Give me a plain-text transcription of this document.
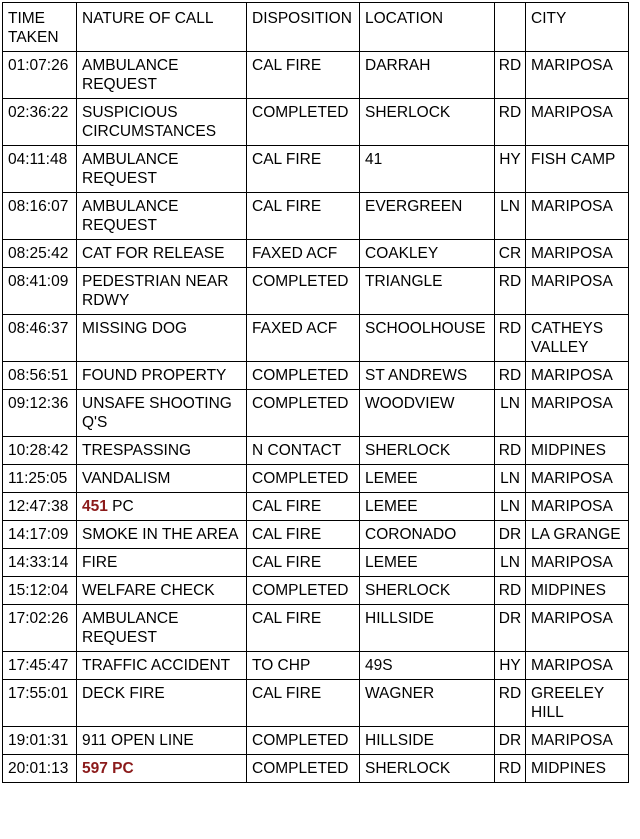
TIME TAKEN	NATURE OF CALL	DISPOSITION	LOCATION		CITY
01:07:26	AMBULANCE REQUEST	CAL FIRE	DARRAH	RD	MARIPOSA
02:36:22	SUSPICIOUS CIRCUMSTANCES	COMPLETED	SHERLOCK	RD	MARIPOSA
04:11:48	AMBULANCE REQUEST	CAL FIRE	41	HY	FISH CAMP
08:16:07	AMBULANCE REQUEST	CAL FIRE	EVERGREEN	LN	MARIPOSA
08:25:42	CAT FOR RELEASE	FAXED ACF	COAKLEY	CR	MARIPOSA
08:41:09	PEDESTRIAN NEAR RDWY	COMPLETED	TRIANGLE	RD	MARIPOSA
08:46:37	MISSING DOG	FAXED ACF	SCHOOLHOUSE	RD	CATHEYS VALLEY
08:56:51	FOUND PROPERTY	COMPLETED	ST ANDREWS	RD	MARIPOSA
09:12:36	UNSAFE SHOOTING Q'S	COMPLETED	WOODVIEW	LN	MARIPOSA
10:28:42	TRESPASSING	N CONTACT	SHERLOCK	RD	MIDPINES
11:25:05	VANDALISM	COMPLETED	LEMEE	LN	MARIPOSA
12:47:38	451 PC	CAL FIRE	LEMEE	LN	MARIPOSA
14:17:09	SMOKE IN THE AREA	CAL FIRE	CORONADO	DR	LA GRANGE
14:33:14	FIRE	CAL FIRE	LEMEE	LN	MARIPOSA
15:12:04	WELFARE CHECK	COMPLETED	SHERLOCK	RD	MIDPINES
17:02:26	AMBULANCE REQUEST	CAL FIRE	HILLSIDE	DR	MARIPOSA
17:45:47	TRAFFIC ACCIDENT	TO CHP	49S	HY	MARIPOSA
17:55:01	DECK FIRE	CAL FIRE	WAGNER	RD	GREELEY HILL
19:01:31	911 OPEN LINE	COMPLETED	HILLSIDE	DR	MARIPOSA
20:01:13	597 PC	COMPLETED	SHERLOCK	RD	MIDPINES
